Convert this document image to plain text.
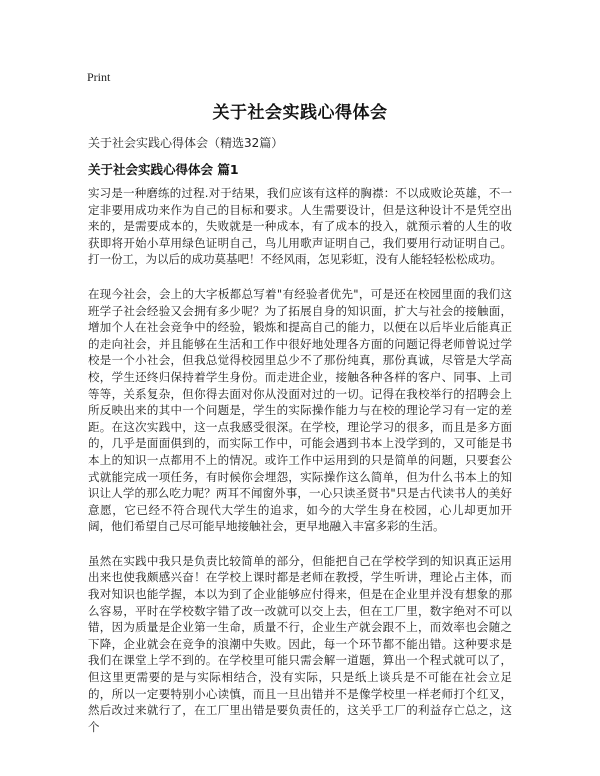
Print
关于社会实践心得体会
关于社会实践心得体会（精选32篇）
关于社会实践心得体会 篇1

实习是一种磨练的过程.对于结果，我们应该有这样的胸襟：不以成败论英雄，不一定非要用成功来作为自己的目标和要求。人生需要设计，但是这种设计不是凭空出来的，是需要成本的，失败就是一种成本，有了成本的投入，就预示着的人生的收获即将开始小草用绿色证明自己，鸟儿用歌声证明自己，我们要用行动证明自己。打一份工，为以后的成功莫基吧！不经风雨，怎见彩虹，没有人能轻轻松松成功。

在现今社会，会上的大字板都总写着"有经验者优先"，可是还在校园里面的我们这班学子社会经验又会拥有多少呢？为了拓展自身的知识面，扩大与社会的接触面，增加个人在社会竞争中的经验，锻炼和提高自己的能力，以便在以后毕业后能真正的走向社会，并且能够在生活和工作中很好地处理各方面的问题记得老师曾说过学校是一个小社会，但我总觉得校园里总少不了那份纯真，那份真诚，尽管是大学高校，学生还终归保持着学生身份。而走进企业，接触各种各样的客户、同事、上司等等，关系复杂，但你得去面对你从没面对过的一切。记得在我校举行的招聘会上所反映出来的其中一个问题是，学生的实际操作能力与在校的理论学习有一定的差距。在这次实践中，这一点我感受很深。在学校，理论学习的很多，而且是多方面的，几乎是面面俱到的，而实际工作中，可能会遇到书本上没学到的，又可能是书本上的知识一点都用不上的情况。或许工作中运用到的只是简单的问题，只要套公式就能完成一项任务，有时候你会埋怨，实际操作这么简单，但为什么书本上的知识让人学的那么吃力呢？两耳不闻窗外事，一心只读圣贤书"只是古代读书人的美好意愿，它已经不符合现代大学生的追求，如今的大学生身在校园，心儿却更加开阔，他们希望自己尽可能早地接触社会，更早地融入丰富多彩的生活。

虽然在实践中我只是负责比较简单的部分，但能把自己在学校学到的知识真正运用出来也使我颇感兴奋！在学校上课时都是老师在教授，学生听讲，理论占主体，而我对知识也能学握，本以为到了企业能够应付得来，但是在企业里并没有想象的那么容易，平时在学校数字错了改一改就可以交上去，但在工厂里，数字绝对不可以错，因为质量是企业第一生命，质量不行，企业生产就会跟不上，而效率也会随之下降，企业就会在竞争的浪潮中失败。因此，每一个环节都不能出错。这种要求是我们在课堂上学不到的。在学校里可能只需会解一道题，算出一个程式就可以了，但这里更需要的是与实际相结合，没有实际，只是纸上谈兵是不可能在社会立足的，所以一定要特别小心读慎，而且一旦出错并不是像学校里一样老师打个红叉，然后改过来就行了，在工厂里出错是要负责任的，这关乎工厂的利益存亡总之，这个
